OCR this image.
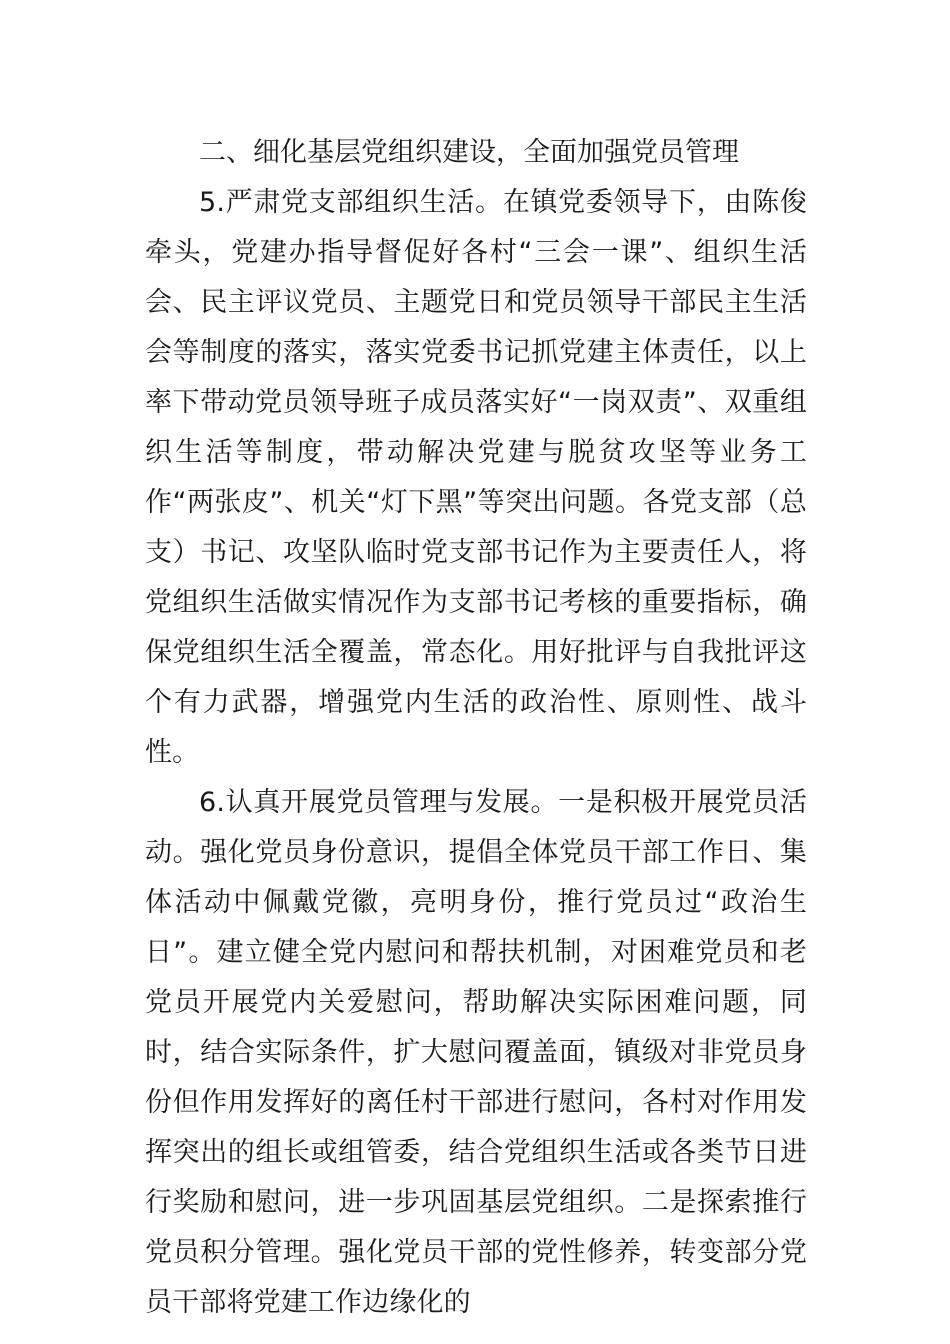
二、细化基层党组织建设，全面加强党员管理

5.严肃党支部组织生活。在镇党委领导下，由陈俊牵头，党建办指导督促好各村“三会一课”、组织生活会、民主评议党员、主题党日和党员领导干部民主生活会等制度的落实，落实党委书记抓党建主体责任，以上率下带动党员领导班子成员落实好“一岗双责”、双重组织生活等制度，带动解决党建与脱贫攻坚等业务工作“两张皮”、机关“灯下黑”等突出问题。各党支部（总支）书记、攻坚队临时党支部书记作为主要责任人，将党组织生活做实情况作为支部书记考核的重要指标，确保党组织生活全覆盖，常态化。用好批评与自我批评这个有力武器，增强党内生活的政治性、原则性、战斗性。

6.认真开展党员管理与发展。一是积极开展党员活动。强化党员身份意识，提倡全体党员干部工作日、集体活动中佩戴党徽，亮明身份，推行党员过“政治生日”。建立健全党内慰问和帮扶机制，对困难党员和老党员开展党内关爱慰问，帮助解决实际困难问题，同时，结合实际条件，扩大慰问覆盖面，镇级对非党员身份但作用发挥好的离任村干部进行慰问，各村对作用发挥突出的组长或组管委，结合党组织生活或各类节日进行奖励和慰问，进一步巩固基层党组织。二是探索推行党员积分管理。强化党员干部的党性修养，转变部分党员干部将党建工作边缘化的
